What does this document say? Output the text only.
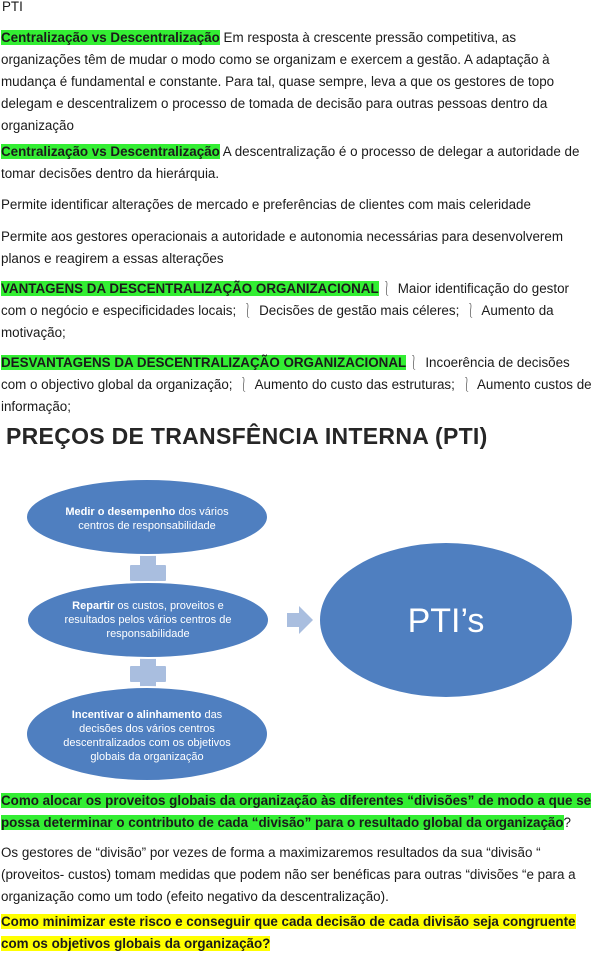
PTI

Centralização vs Descentralização Em resposta à crescente pressão competitiva, as organizações têm de mudar o modo como se organizam e exercem a gestão. A adaptação à mudança é fundamental e constante. Para tal, quase sempre, leva a que os gestores de topo delegam e descentralizem o processo de tomada de decisão para outras pessoas dentro da organização

Centralização vs Descentralização A descentralização é o processo de delegar a autoridade de tomar decisões dentro da hierárquia.

Permite identificar alterações de mercado e preferências de clientes com mais celeridade

Permite aos gestores operacionais a autoridade e autonomia necessárias para desenvolverem planos e reagirem a essas alterações

VANTAGENS DA DESCENTRALIZAÇÃO ORGANIZACIONAL ⎱ Maior identificação do gestor com o negócio e especificidades locais; ⎱ Decisões de gestão mais céleres; ⎱ Aumento da motivação;

DESVANTAGENS DA DESCENTRALIZAÇÃO ORGANIZACIONAL ⎱ Incoerência de decisões com o objectivo global da organização; ⎱ Aumento do custo das estruturas; ⎱ Aumento custos de informação;

PREÇOS DE TRANSFÊNCIA INTERNA (PTI)
Medir o desempenho dos vários
centros de responsabilidade
Repartir os custos, proveitos e
resultados pelos vários centros de
responsabilidade
Incentivar o alinhamento das
decisões dos vários centros
descentralizados com os objetivos
globais da organização
PTI’s

Como alocar os proveitos globais da organização às diferentes “divisões” de modo a que se possa determinar o contributo de cada “divisão” para o resultado global da organização?

Os gestores de “divisão” por vezes de forma a maximizaremos resultados da sua “divisão “ (proveitos- custos) tomam medidas que podem não ser benéficas para outras “divisões “e para a organização como um todo (efeito negativo da descentralização).

Como minimizar este risco e conseguir que cada decisão de cada divisão seja congruente com os objetivos globais da organização?
